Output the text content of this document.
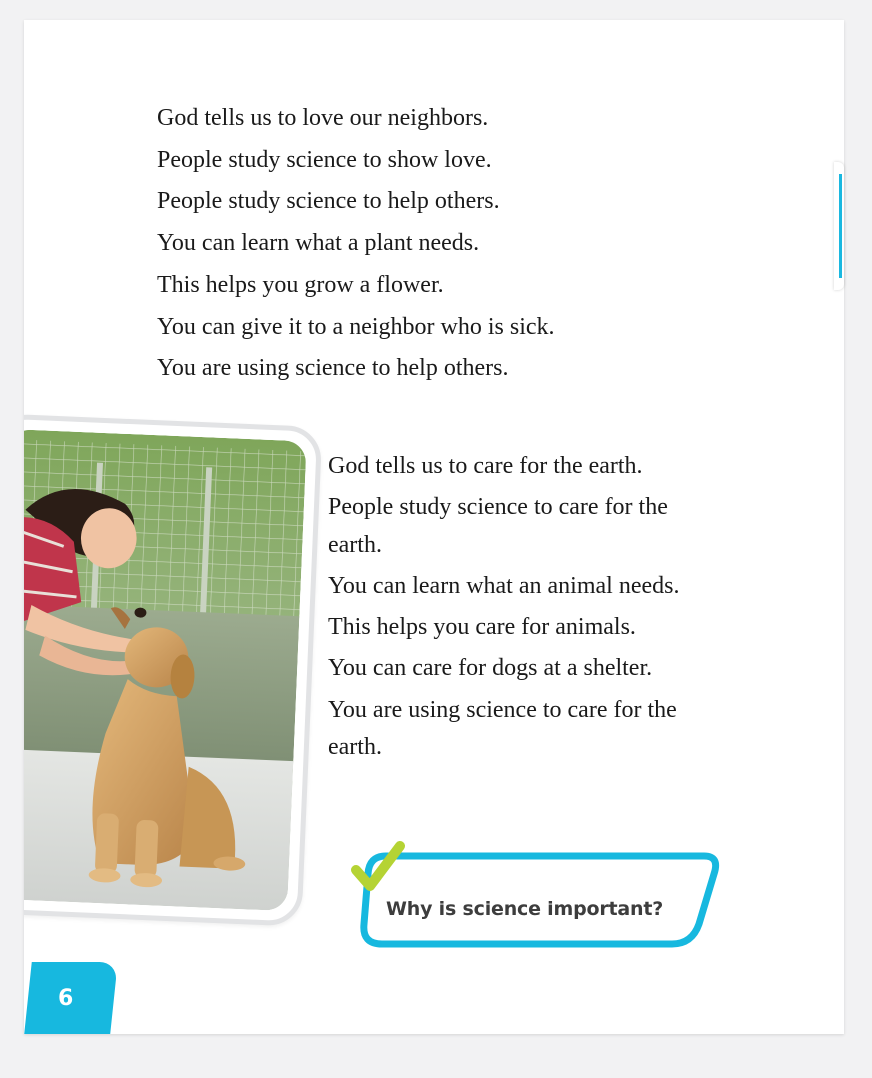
God tells us to love our neighbors.
People study science to show love.
People study science to help others.
You can learn what a plant needs.
This helps you grow a flower.
You can give it to a neighbor who is sick.
You are using science to help others.
God tells us to care for the earth.
People study science to care for the earth.
You can learn what an animal needs.
This helps you care for animals.
You can care for dogs at a shelter.
You are using science to care for the earth.
Why is science important?
6
